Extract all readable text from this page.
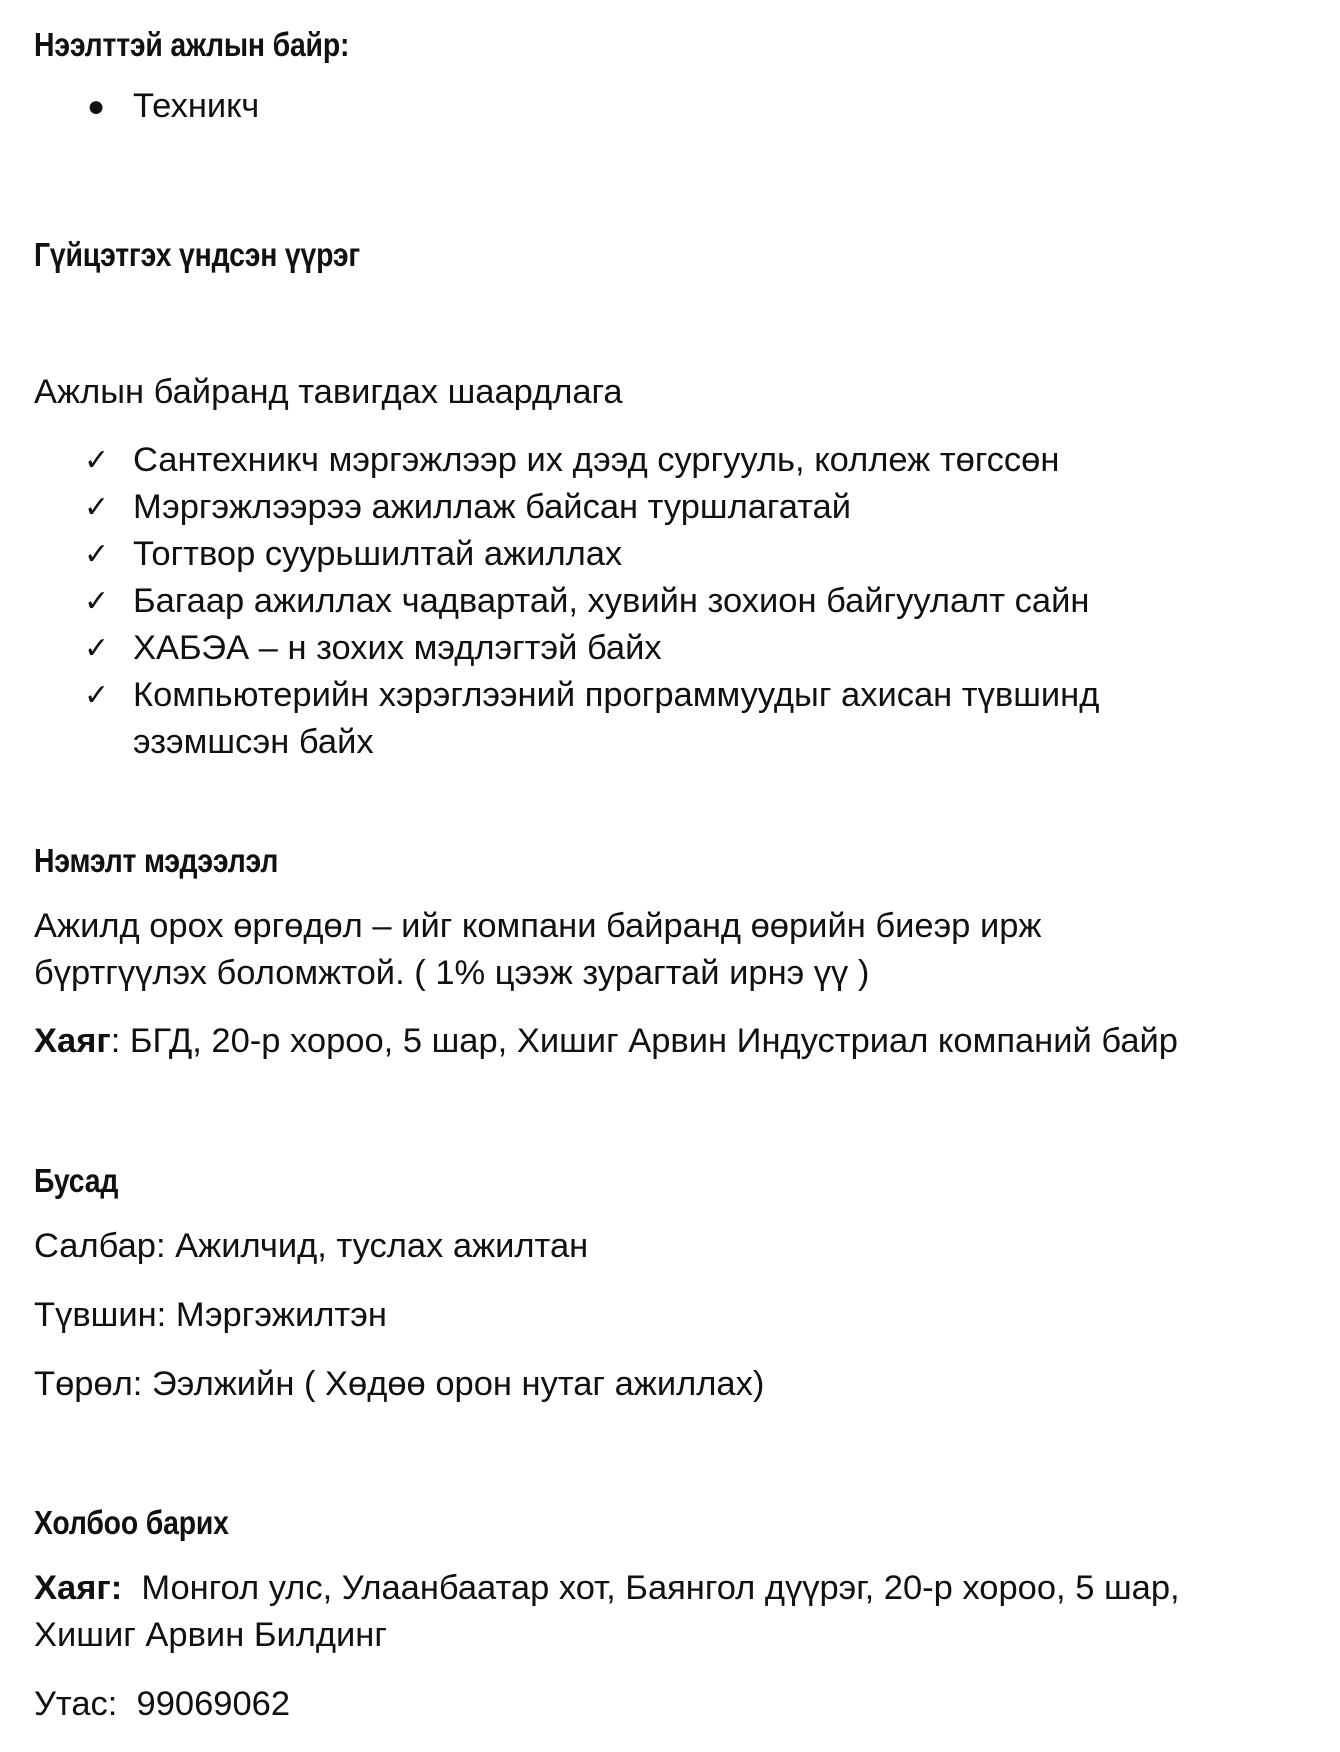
Нээлттэй ажлын байр:
● Техникч
Гүйцэтгэх үндсэн үүрэг
Ажлын байранд тавигдах шаардлага
✓ Сантехникч мэргэжлээр их дээд сургууль, коллеж төгссөн
✓ Мэргэжлээрээ ажиллаж байсан туршлагатай
✓ Тогтвор суурьшилтай ажиллах
✓ Багаар ажиллах чадвартай, хувийн зохион байгуулалт сайн
✓ ХАБЭА – н зохих мэдлэгтэй байх
✓ Компьютерийн хэрэглээний программуудыг ахисан түвшинд
эзэмшсэн байх
Нэмэлт мэдээлэл
Ажилд орох өргөдөл – ийг компани байранд өөрийн биеэр ирж
бүртгүүлэх боломжтой. ( 1% цээж зурагтай ирнэ үү )
Хаяг: БГД, 20-р хороо, 5 шар, Хишиг Арвин Индустриал компаний байр
Бусад
Салбар: Ажилчид, туслах ажилтан
Түвшин: Мэргэжилтэн
Төрөл: Ээлжийн ( Хөдөө орон нутаг ажиллах)
Холбоо барих
Хаяг:  Монгол улс, Улаанбаатар хот, Баянгол дүүрэг, 20-р хороо, 5 шар,
Хишиг Арвин Билдинг
Утас:  99069062
